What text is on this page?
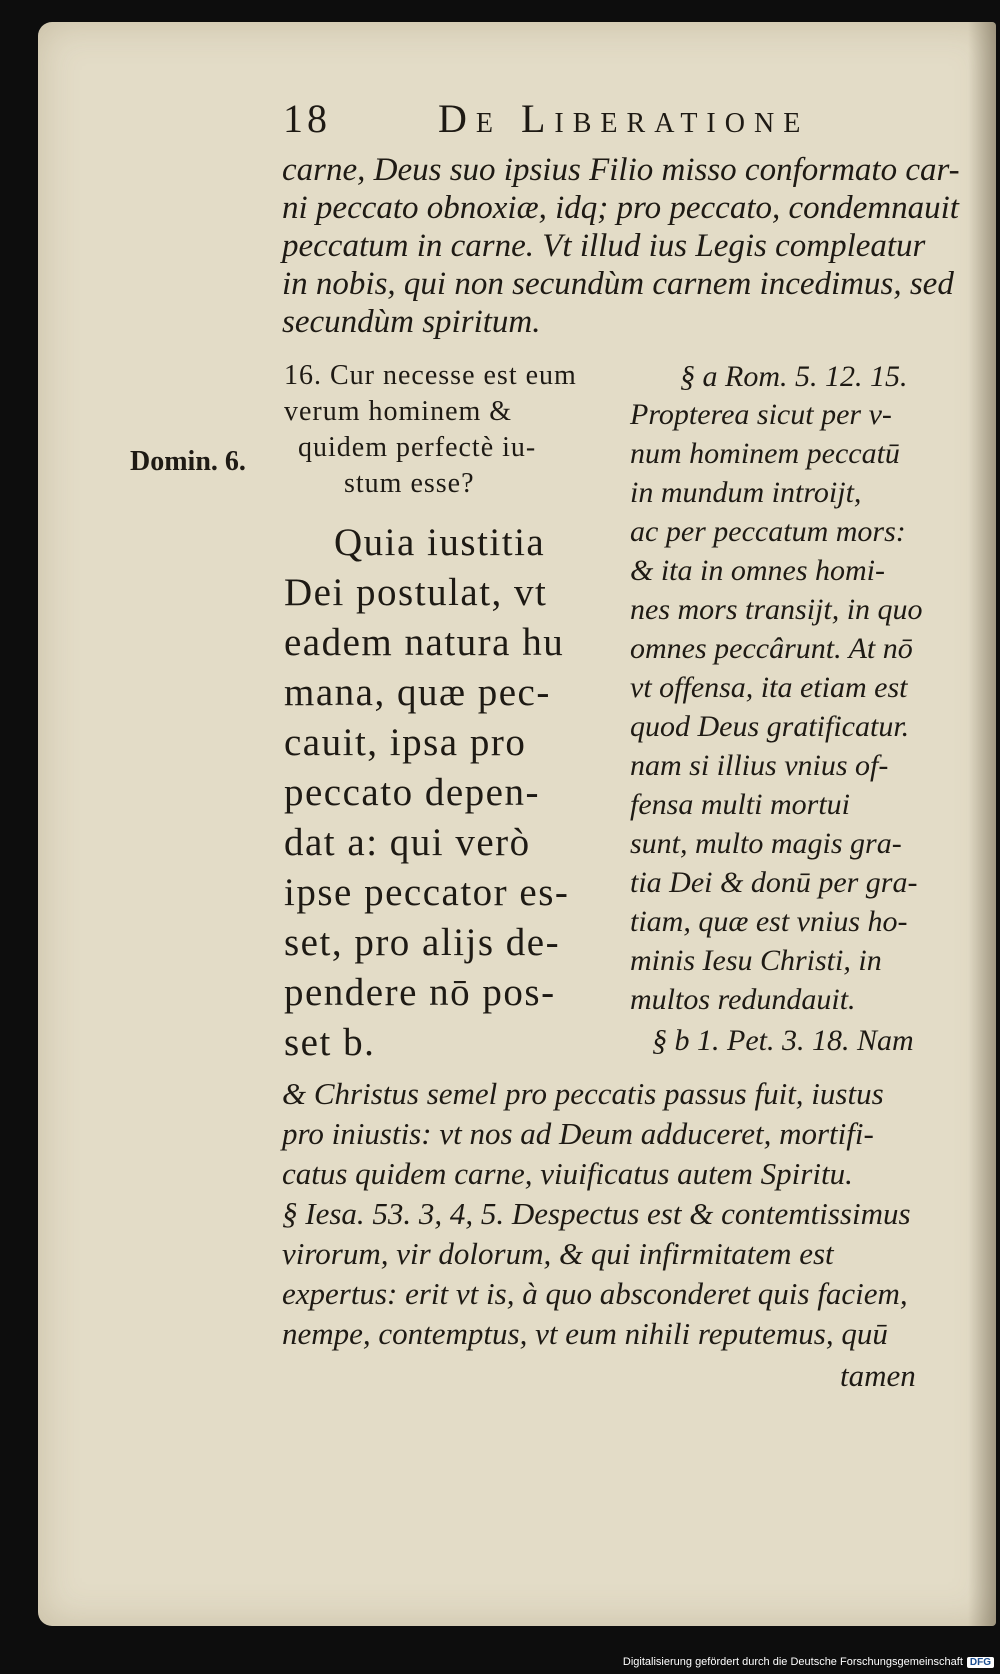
18	De Liberatione
carne, Deus suo ipsius Filio misso conformato car-
ni peccato obnoxiæ, idq; pro peccato, condemnauit
peccatum in carne. Vt illud ius Legis compleatur
in nobis, qui non secundùm carnem incedimus, sed
secundùm spiritum.
16. Cur necesse est eum
verum hominem &
quidem perfectè iu-
stum esse?
Domin. 6.
Quia iustitia
Dei postulat, vt
eadem natura hu
mana, quæ pec-
cauit, ipsa pro
peccato depen-
dat a: qui verò
ipse peccator es-
set, pro alijs de-
pendere nō pos-
set b.
§ a Rom. 5. 12. 15.
Propterea sicut per v-
num hominem peccatū
in mundum introijt,
ac per peccatum mors:
& ita in omnes homi-
nes mors transijt, in quo
omnes peccârunt. At nō
vt offensa, ita etiam est
quod Deus gratificatur.
nam si illius vnius of-
fensa multi mortui
sunt, multo magis gra-
tia Dei & donū per gra-
tiam, quæ est vnius ho-
minis Iesu Christi, in
multos redundauit.
§ b 1. Pet. 3. 18. Nam
& Christus semel pro peccatis passus fuit, iustus
pro iniustis: vt nos ad Deum adduceret, mortifi-
catus quidem carne, viuificatus autem Spiritu.
§ Iesa. 53. 3, 4, 5. Despectus est & contemtissimus
virorum, vir dolorum, & qui infirmitatem est
expertus: erit vt is, à quo absconderet quis faciem,
nempe, contemptus, vt eum nihili reputemus, quū
tamen
Digitalisierung gefördert durch die Deutsche Forschungsgemeinschaft DFG
